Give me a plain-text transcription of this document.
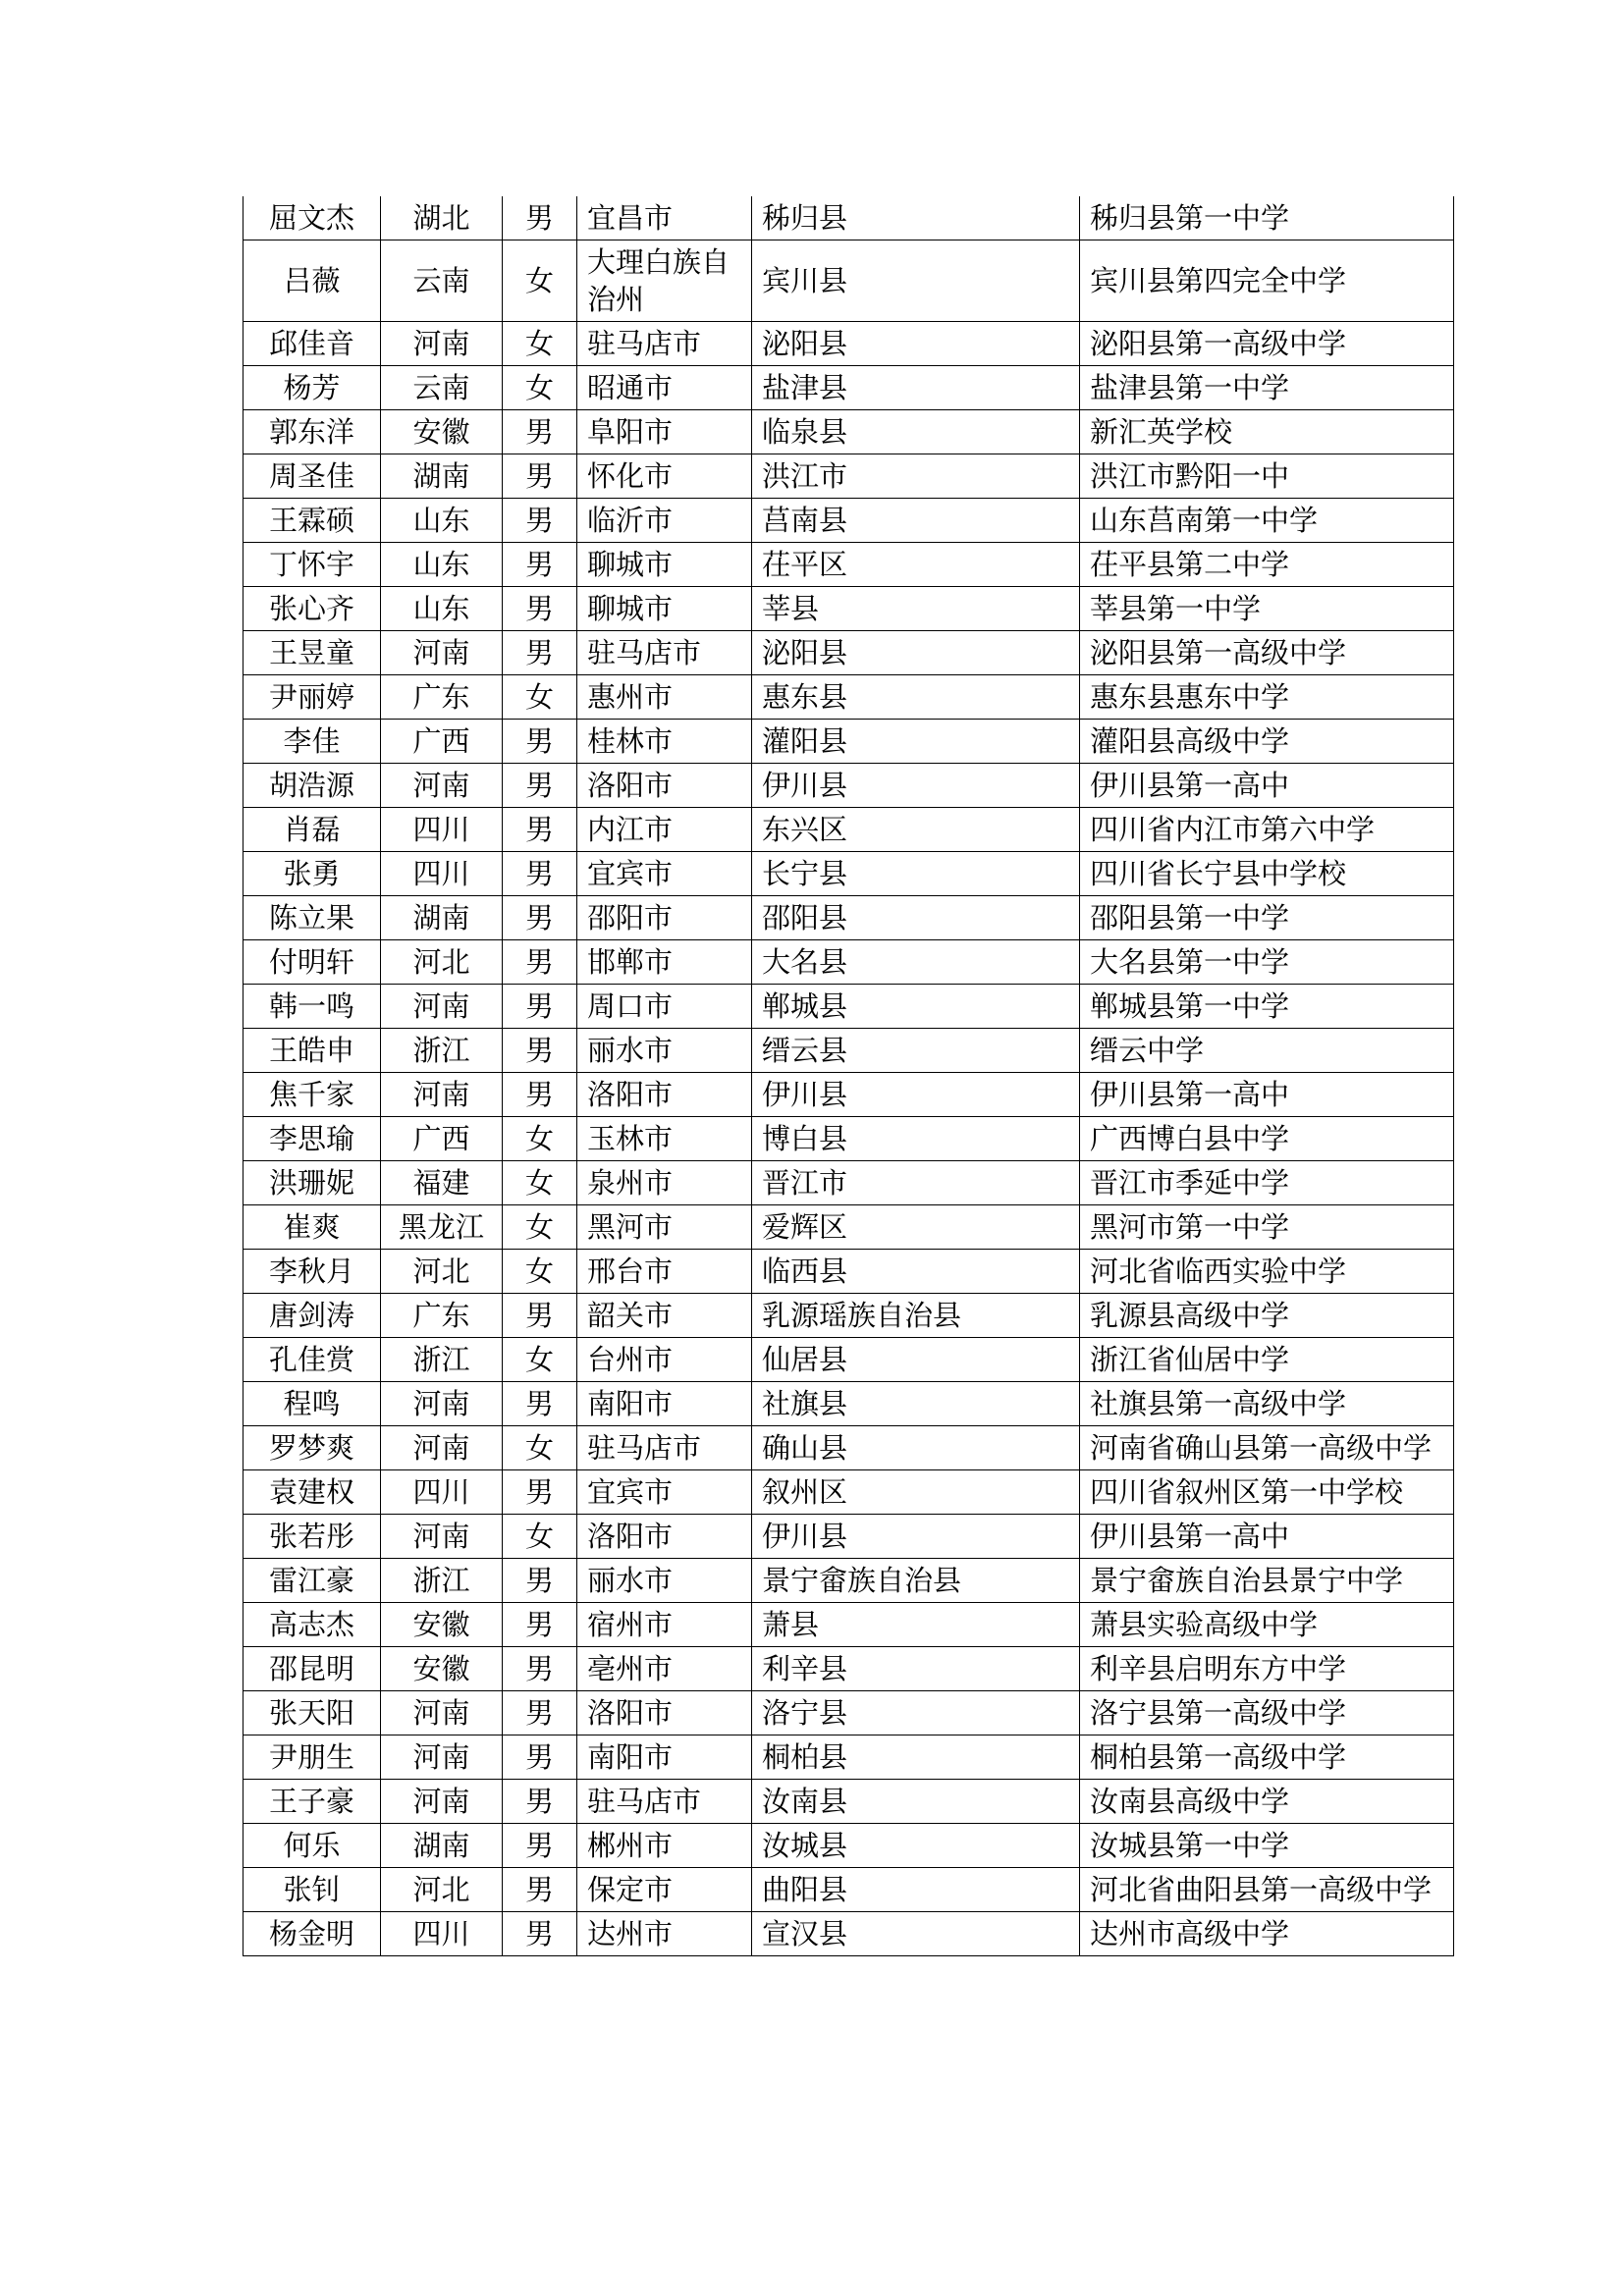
屈文杰	湖北	男	宜昌市	秭归县	秭归县第一中学
吕薇	云南	女	大理白族自治州	宾川县	宾川县第四完全中学
邱佳音	河南	女	驻马店市	泌阳县	泌阳县第一高级中学
杨芳	云南	女	昭通市	盐津县	盐津县第一中学
郭东洋	安徽	男	阜阳市	临泉县	新汇英学校
周圣佳	湖南	男	怀化市	洪江市	洪江市黔阳一中
王霖硕	山东	男	临沂市	莒南县	山东莒南第一中学
丁怀宇	山东	男	聊城市	茌平区	茌平县第二中学
张心齐	山东	男	聊城市	莘县	莘县第一中学
王昱童	河南	男	驻马店市	泌阳县	泌阳县第一高级中学
尹丽婷	广东	女	惠州市	惠东县	惠东县惠东中学
李佳	广西	男	桂林市	灌阳县	灌阳县高级中学
胡浩源	河南	男	洛阳市	伊川县	伊川县第一高中
肖磊	四川	男	内江市	东兴区	四川省内江市第六中学
张勇	四川	男	宜宾市	长宁县	四川省长宁县中学校
陈立果	湖南	男	邵阳市	邵阳县	邵阳县第一中学
付明轩	河北	男	邯郸市	大名县	大名县第一中学
韩一鸣	河南	男	周口市	郸城县	郸城县第一中学
王皓申	浙江	男	丽水市	缙云县	缙云中学
焦千家	河南	男	洛阳市	伊川县	伊川县第一高中
李思瑜	广西	女	玉林市	博白县	广西博白县中学
洪珊妮	福建	女	泉州市	晋江市	晋江市季延中学
崔爽	黑龙江	女	黑河市	爱辉区	黑河市第一中学
李秋月	河北	女	邢台市	临西县	河北省临西实验中学
唐剑涛	广东	男	韶关市	乳源瑶族自治县	乳源县高级中学
孔佳赏	浙江	女	台州市	仙居县	浙江省仙居中学
程鸣	河南	男	南阳市	社旗县	社旗县第一高级中学
罗梦爽	河南	女	驻马店市	确山县	河南省确山县第一高级中学
袁建权	四川	男	宜宾市	叙州区	四川省叙州区第一中学校
张若彤	河南	女	洛阳市	伊川县	伊川县第一高中
雷江豪	浙江	男	丽水市	景宁畲族自治县	景宁畲族自治县景宁中学
高志杰	安徽	男	宿州市	萧县	萧县实验高级中学
邵昆明	安徽	男	亳州市	利辛县	利辛县启明东方中学
张天阳	河南	男	洛阳市	洛宁县	洛宁县第一高级中学
尹朋生	河南	男	南阳市	桐柏县	桐柏县第一高级中学
王子豪	河南	男	驻马店市	汝南县	汝南县高级中学
何乐	湖南	男	郴州市	汝城县	汝城县第一中学
张钊	河北	男	保定市	曲阳县	河北省曲阳县第一高级中学
杨金明	四川	男	达州市	宣汉县	达州市高级中学
